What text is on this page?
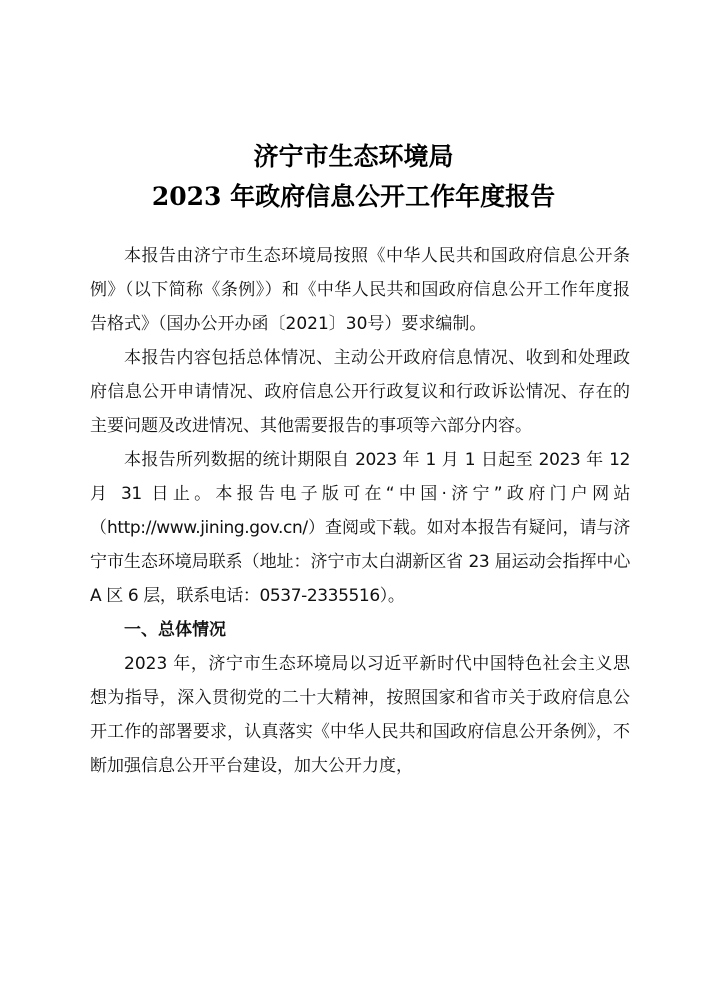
济宁市生态环境局
2023 年政府信息公开工作年度报告

本报告由济宁市生态环境局按照《中华人民共和国政府信息公开条例》（以下简称《条例》）和《中华人民共和国政府信息公开工作年度报告格式》（国办公开办函〔2021〕30号）要求编制。

本报告内容包括总体情况、主动公开政府信息情况、收到和处理政府信息公开申请情况、政府信息公开行政复议和行政诉讼情况、存在的主要问题及改进情况、其他需要报告的事项等六部分内容。

本报告所列数据的统计期限自 2023 年 1 月 1 日起至 2023 年 12 月 31 日止。本报告电子版可在“中国·济宁”政府门户网站（http://www.jining.gov.cn/）查阅或下载。如对本报告有疑问，请与济宁市生态环境局联系（地址：济宁市太白湖新区省 23 届运动会指挥中心 A 区 6 层，联系电话：0537-2335516）。

一、总体情况

2023 年，济宁市生态环境局以习近平新时代中国特色社会主义思想为指导，深入贯彻党的二十大精神，按照国家和省市关于政府信息公开工作的部署要求，认真落实《中华人民共和国政府信息公开条例》，不断加强信息公开平台建设，加大公开力度，
